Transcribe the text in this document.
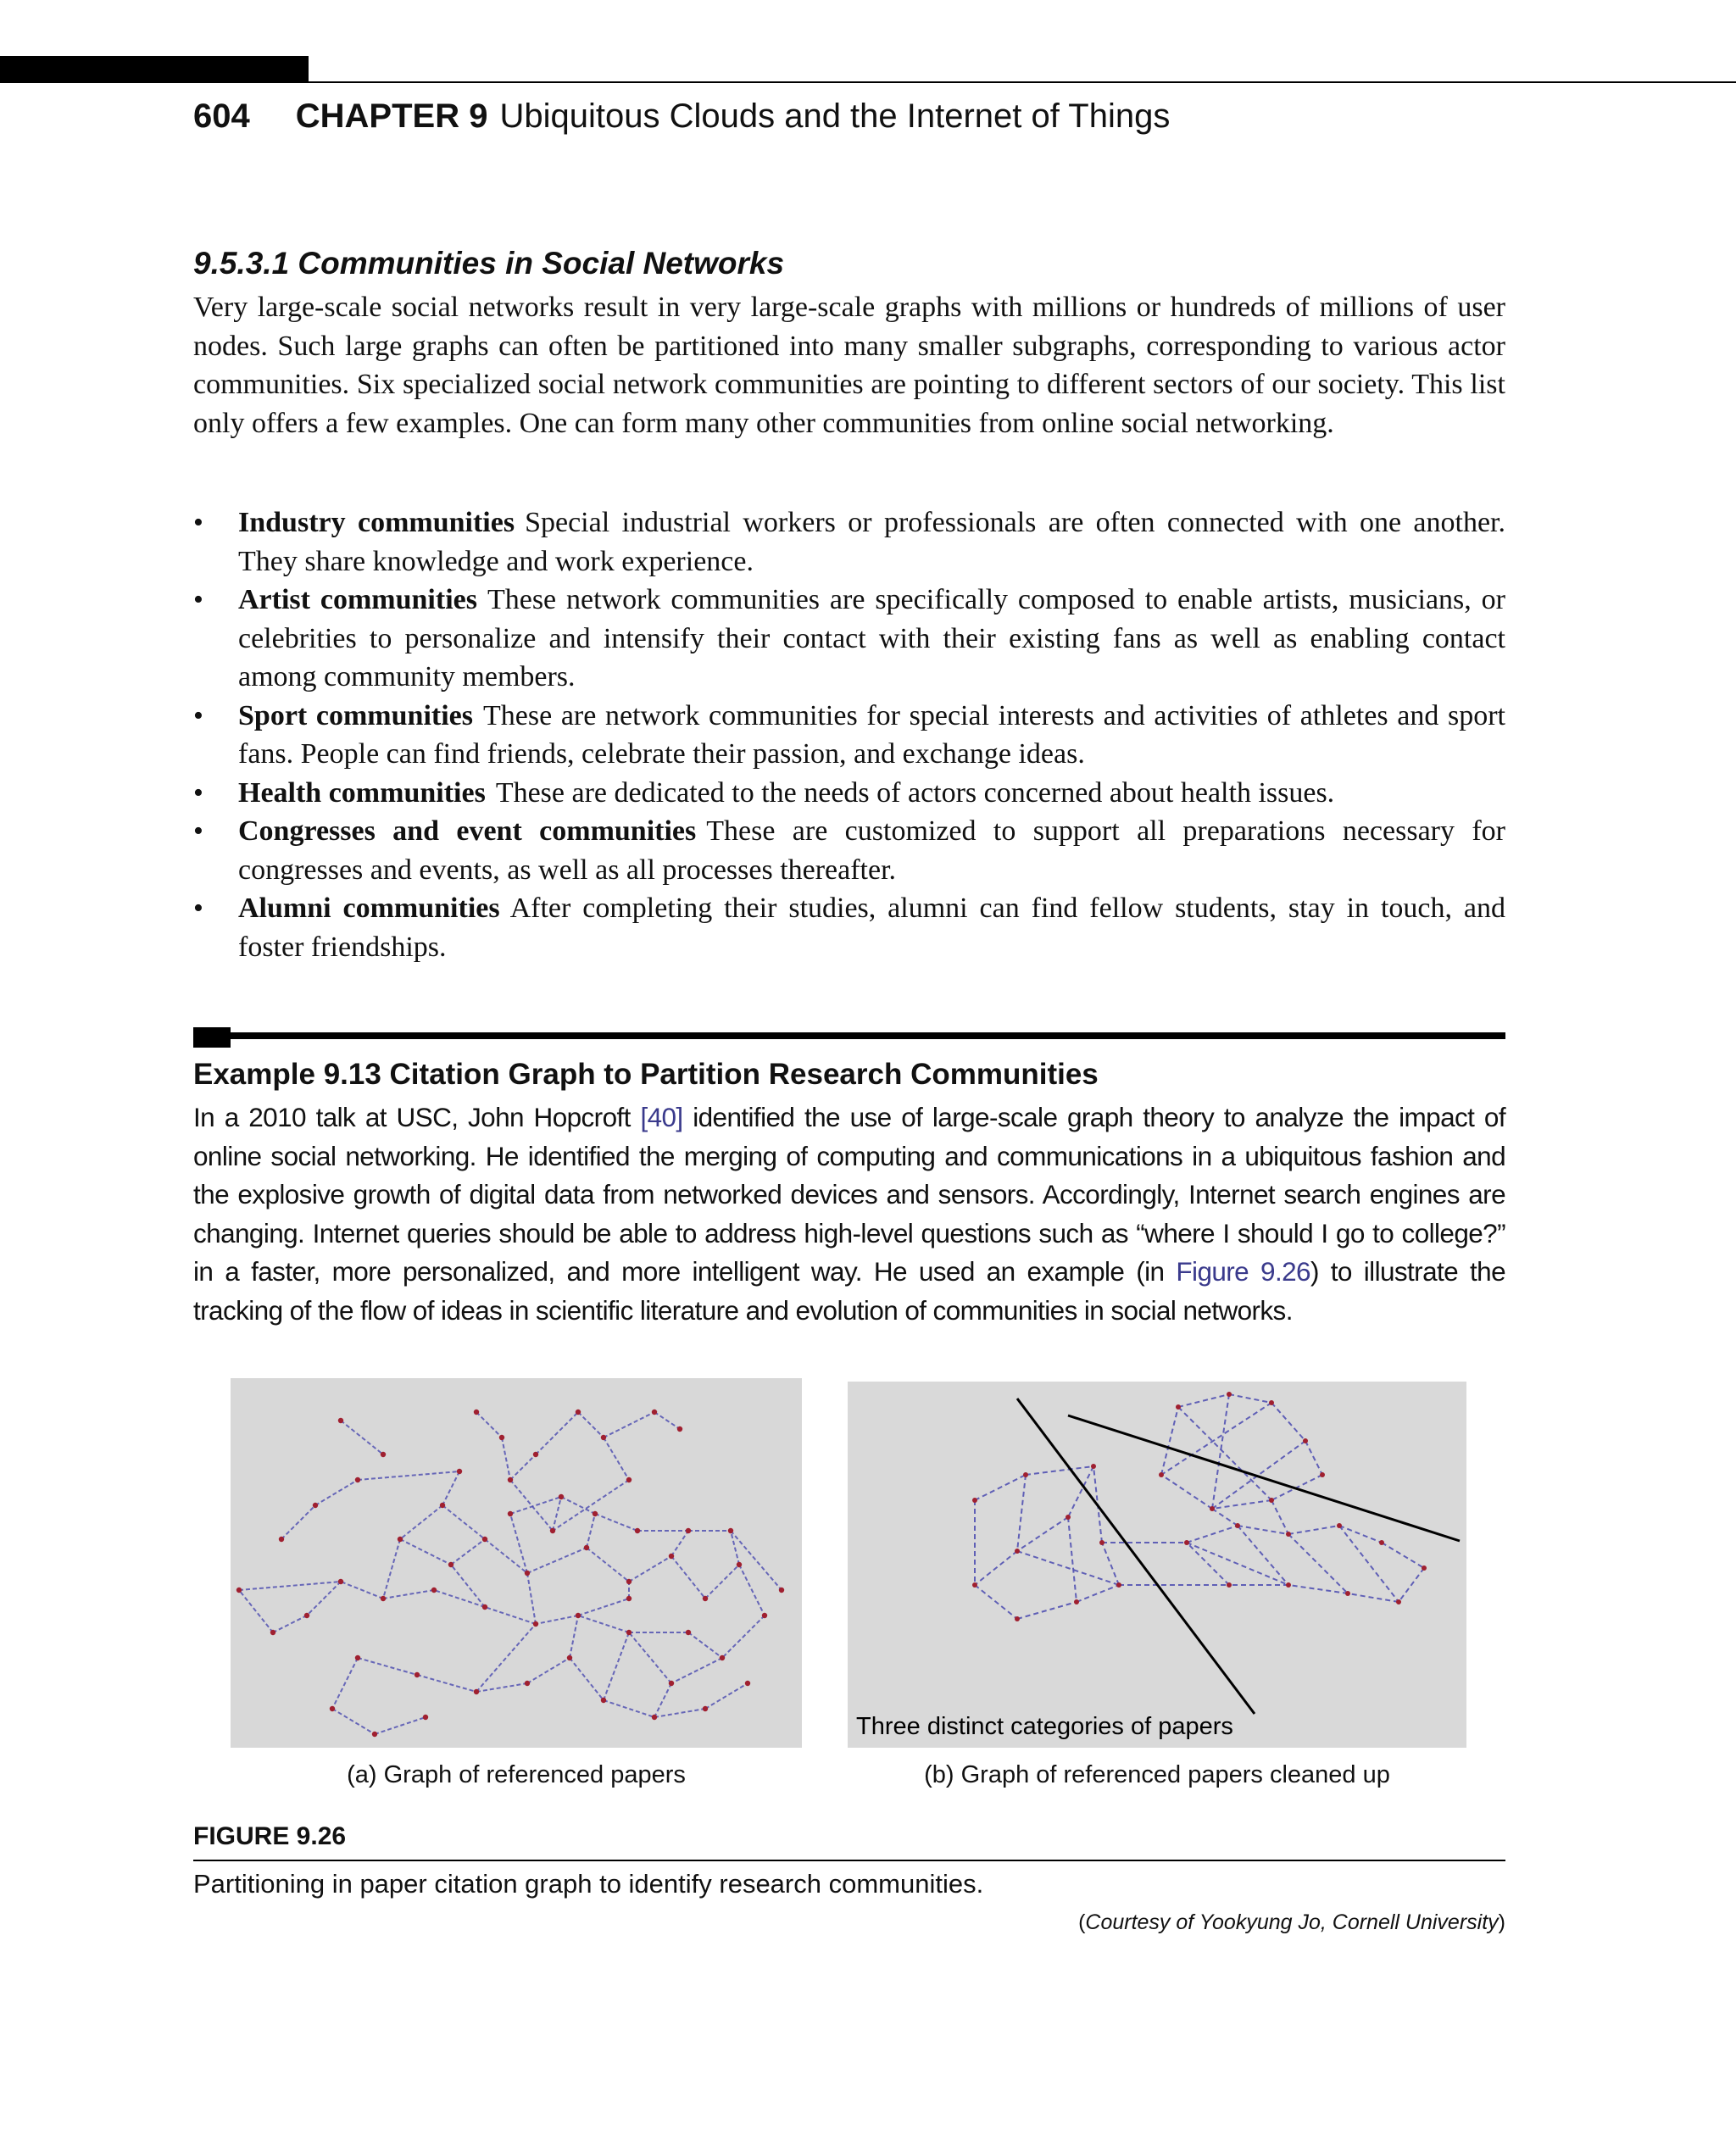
604 CHAPTER 9 Ubiquitous Clouds and the Internet of Things
9.5.3.1 Communities in Social Networks

Very large-scale social networks result in very large-scale graphs with millions or hundreds of millions of user nodes. Such large graphs can often be partitioned into many smaller subgraphs, corresponding to various actor communities. Six specialized social network communities are pointing to different sectors of our society. This list only offers a few examples. One can form many other communities from online social networking.

• Industry communities Special industrial workers or professionals are often connected with one another. They share knowledge and work experience.
• Artist communities These network communities are specifically composed to enable artists, musicians, or celebrities to personalize and intensify their contact with their existing fans as well as enabling contact among community members.
• Sport communities These are network communities for special interests and activities of athletes and sport fans. People can find friends, celebrate their passion, and exchange ideas.
• Health communities These are dedicated to the needs of actors concerned about health issues.
• Congresses and event communities These are customized to support all preparations necessary for congresses and events, as well as all processes thereafter.
• Alumni communities After completing their studies, alumni can find fellow students, stay in touch, and foster friendships.
Example 9.13 Citation Graph to Partition Research Communities

In a 2010 talk at USC, John Hopcroft [40] identified the use of large-scale graph theory to analyze the impact of online social networking. He identified the merging of computing and communications in a ubiquitous fashion and the explosive growth of digital data from networked devices and sensors. Accordingly, Internet search engines are changing. Internet queries should be able to address high-level questions such as “where I should I go to college?” in a faster, more personalized, and more intelligent way. He used an example (in Figure 9.26) to illustrate the tracking of the flow of ideas in scientific literature and evolution of communities in social networks.

Three distinct categories of papers
(a) Graph of referenced papers	(b) Graph of referenced papers cleaned up
FIGURE 9.26
Partitioning in paper citation graph to identify research communities.
(Courtesy of Yookyung Jo, Cornell University)
